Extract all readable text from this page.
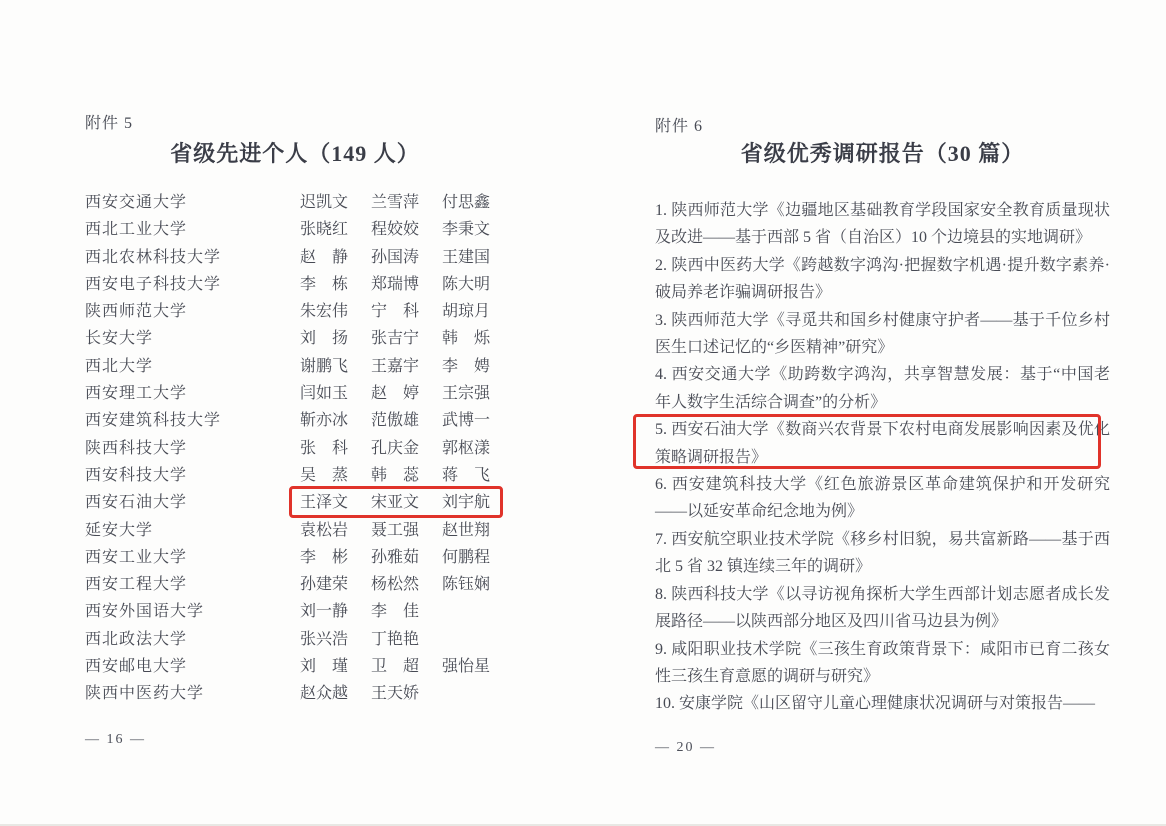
附件 5
省级先进个人（149 人）
西安交通大学	迟凯文	兰雪萍	付思鑫
西北工业大学	张晓红	程姣姣	李秉文
西北农林科技大学	赵　静	孙国涛	王建国
西安电子科技大学	李　栋	郑瑞博	陈大明
陕西师范大学	朱宏伟	宁　科	胡琼月
长安大学	刘　扬	张吉宁	韩　烁
西北大学	谢鹏飞	王嘉宇	李　娉
西安理工大学	闫如玉	赵　婷	王宗强
西安建筑科技大学	靳亦冰	范傲雄	武博一
陕西科技大学	张　科	孔庆金	郭枢漾
西安科技大学	吴　蒸	韩　蕊	蒋　飞
西安石油大学	王泽文	宋亚文	刘宇航
延安大学	袁松岩	聂工强	赵世翔
西安工业大学	李　彬	孙雅茹	何鹏程
西安工程大学	孙建荣	杨松然	陈钰娴
西安外国语大学	刘一静	李　佳
西北政法大学	张兴浩	丁艳艳
西安邮电大学	刘　瑾	卫　超	强怡星
陕西中医药大学	赵众越	王天娇
— 16 —
附件 6
省级优秀调研报告（30 篇）

1. 陕西师范大学《边疆地区基础教育学段国家安全教育质量现状及改进——基于西部 5 省（自治区）10 个边境县的实地调研》

2. 陕西中医药大学《跨越数字鸿沟·把握数字机遇·提升数字素养·破局养老诈骗调研报告》

3. 陕西师范大学《寻觅共和国乡村健康守护者——基于千位乡村医生口述记忆的“乡医精神”研究》

4. 西安交通大学《助跨数字鸿沟，共享智慧发展：基于“中国老年人数字生活综合调查”的分析》

5. 西安石油大学《数商兴农背景下农村电商发展影响因素及优化策略调研报告》

6. 西安建筑科技大学《红色旅游景区革命建筑保护和开发研究——以延安革命纪念地为例》

7. 西安航空职业技术学院《移乡村旧貌，易共富新路——基于西北 5 省 32 镇连续三年的调研》

8. 陕西科技大学《以寻访视角探析大学生西部计划志愿者成长发展路径——以陕西部分地区及四川省马边县为例》

9. 咸阳职业技术学院《三孩生育政策背景下：咸阳市已育二孩女性三孩生育意愿的调研与研究》

10. 安康学院《山区留守儿童心理健康状况调研与对策报告——

— 20 —
